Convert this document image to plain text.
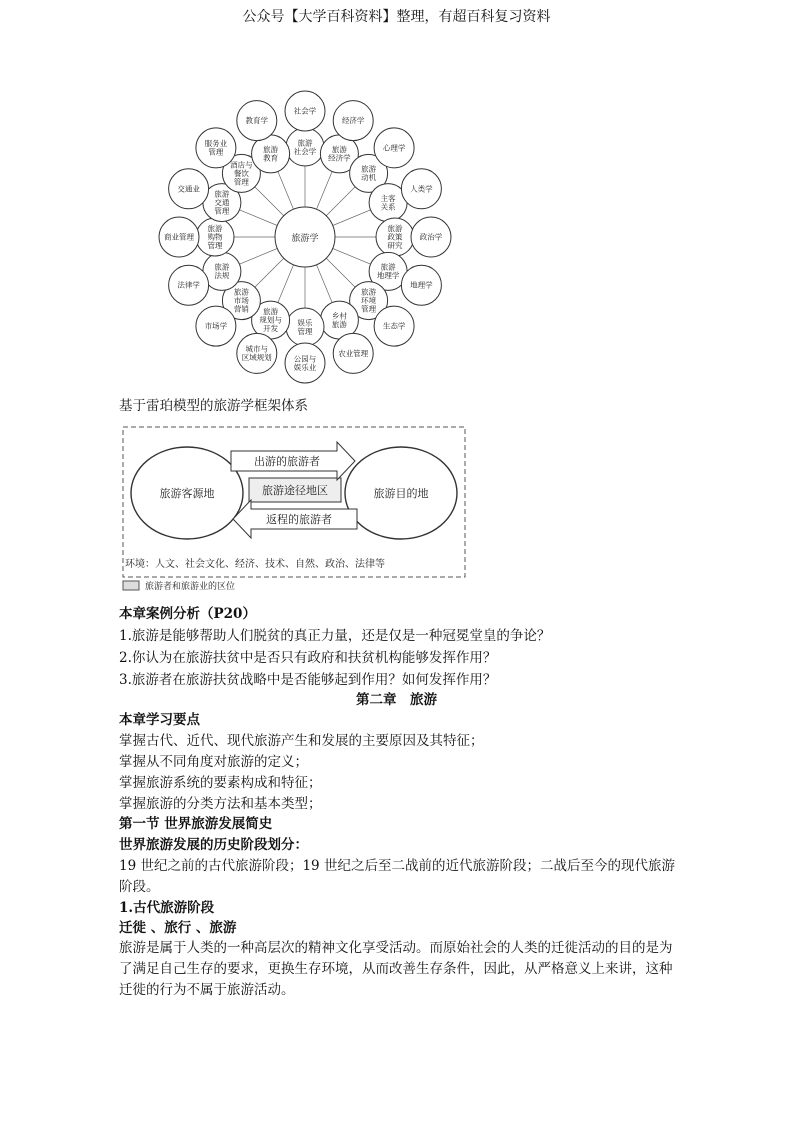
公众号【大学百科资料】整理，有超百科复习资料
旅游
社会学 旅游
经济学
旅游
动机
主客
关系
旅游
政策
研究
旅游
地理学
旅游
环境
管理
乡村
旅游
娱乐
管理
旅游
规划与
开发
旅游
市场
营销
旅游
法规
旅游
购物
管理
旅游
交通
管理
酒店与
餐饮
管理
旅游
教育
社会学
经济学
心理学
人类学
政治学
地理学
生态学
农业管理
公园与
娱乐业
城市与
区域规划
市场学
法律学
商业管理
交通业
服务业
管理
教育学
旅游学
基于雷珀模型的旅游学框架体系
旅游客源地	旅游目的地
旅游途径地区
出游的旅游者
返程的旅游者
环境：人文、社会文化、经济、技术、自然、政治、法律等
旅游者和旅游业的区位
本章案例分析（P20）
1.旅游是能够帮助人们脱贫的真正力量，还是仅是一种冠冕堂皇的争论？
2.你认为在旅游扶贫中是否只有政府和扶贫机构能够发挥作用？
3.旅游者在旅游扶贫战略中是否能够起到作用？如何发挥作用？
第二章　旅游
本章学习要点
掌握古代、近代、现代旅游产生和发展的主要原因及其特征；
掌握从不同角度对旅游的定义；
掌握旅游系统的要素构成和特征；
掌握旅游的分类方法和基本类型；
第一节 世界旅游发展简史
世界旅游发展的历史阶段划分：
19 世纪之前的古代旅游阶段；19 世纪之后至二战前的近代旅游阶段；二战后至今的现代旅游阶段。
1.古代旅游阶段
迁徙 、旅行 、旅游
旅游是属于人类的一种高层次的精神文化享受活动。而原始社会的人类的迁徙活动的目的是为了满足自己生存的要求，更换生存环境，从而改善生存条件，因此，从严格意义上来讲，这种迁徙的行为不属于旅游活动。
